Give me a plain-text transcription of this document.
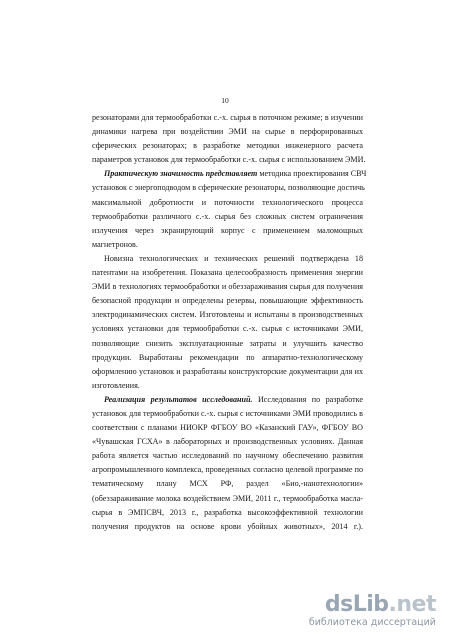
10

резонаторами для термообработки с.-х. сырья в поточном режиме; в изучении
динамики нагрева при воздействии ЭМИ на сырье в перфорированных
сферических резонаторах; в разработке методики инженерного расчета
параметров установок для термообработки с.-х. сырья с использованием ЭМИ.

Практическую значимость представляет методика проектирования СВЧ
установок с энергоподводом в сферические резонаторы, позволяющие достичь
максимальной добротности и поточности технологического процесса
термообработки различного с.-х. сырья без сложных систем ограничения
излучения через экранирующий корпус с применением маломощных
магнетронов.

Новизна технологических и технических решений подтверждена 18
патентами на изобретения. Показана целесообразность применения энергии
ЭМИ в технологиях термообработки и обеззараживания сырья для получения
безопасной продукции и определены резервы, повышающие эффективность
электродинамических систем. Изготовлены и испытаны в производственных
условиях установки для термообработки с.-х. сырья с источниками ЭМИ,
позволяющие снизить эксплуатационные затраты и улучшить качество
продукции. Выработаны рекомендации по аппаратно-технологическому
оформлению установок и разработаны конструкторские документации для их
изготовления.

Реализация результатов исследований. Исследования по разработке
установок для термообработки с.-х. сырья с источниками ЭМИ проводились в
соответствии с планами НИОКР ФГБОУ ВО «Казанский ГАУ», ФГБОУ ВО
«Чувашская ГСХА» в лабораторных и производственных условиях. Данная
работа является частью исследований по научному обеспечению развития
агропромышленного комплекса, проведенных согласно целевой программе по
тематическому плану МСХ РФ, раздел «Био,-нанотехнологии»
(обеззараживание молока воздействием ЭМИ, 2011 г., термообработка масла-
сырья в ЭМПСВЧ, 2013 г., разработка высокоэффективной технологии
получения продуктов на основе крови убойных животных», 2014 г.).

dsLib.net
библиотека диссертаций
